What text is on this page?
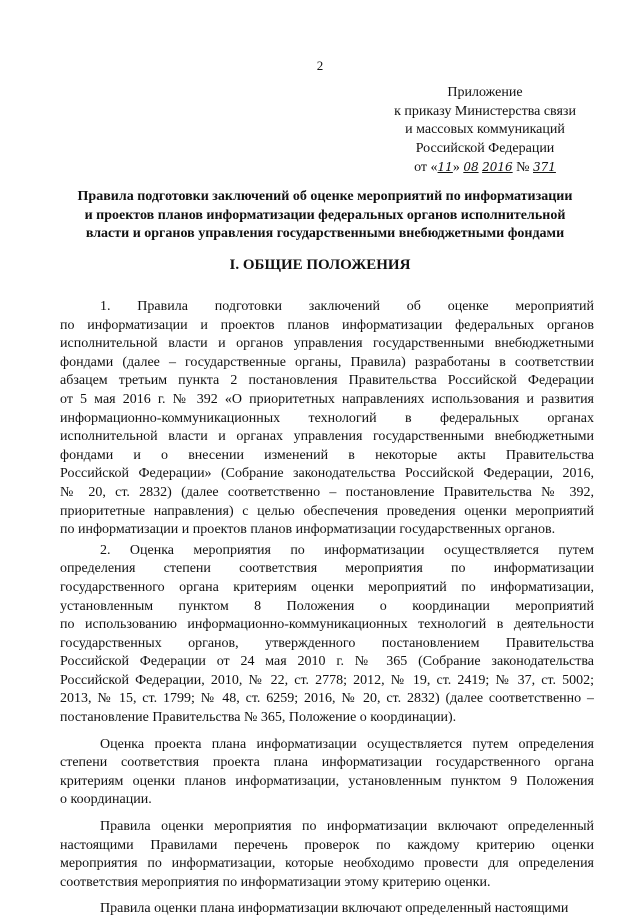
2
Приложение
к приказу Министерства связи
и массовых коммуникаций
Российской Федерации
от «11» 08 2016 № 371
Правила подготовки заключений об оценке мероприятий по информатизации
и проектов планов информатизации федеральных органов исполнительной
власти и органов управления государственными внебюджетными фондами
I. ОБЩИЕ ПОЛОЖЕНИЯ
1. Правила подготовки заключений об оценке мероприятий
по информатизации и проектов планов информатизации федеральных органов
исполнительной власти и органов управления государственными внебюджетными
фондами (далее – государственные органы, Правила) разработаны в соответствии
абзацем третьим пункта 2 постановления Правительства Российской Федерации
от 5 мая 2016 г. № 392 «О приоритетных направлениях использования и развития
информационно-коммуникационных технологий в федеральных органах
исполнительной власти и органах управления государственными внебюджетными
фондами и о внесении изменений в некоторые акты Правительства
Российской Федерации» (Собрание законодательства Российской Федерации, 2016,
№ 20, ст. 2832) (далее соответственно – постановление Правительства № 392,
приоритетные направления) с целью обеспечения проведения оценки мероприятий
по информатизации и проектов планов информатизации государственных органов.
2. Оценка мероприятия по информатизации осуществляется путем
определения степени соответствия мероприятия по информатизации
государственного органа критериям оценки мероприятий по информатизации,
установленным пунктом 8 Положения о координации мероприятий
по использованию информационно-коммуникационных технологий в деятельности
государственных органов, утвержденного постановлением Правительства
Российской Федерации от 24 мая 2010 г. № 365 (Собрание законодательства
Российской Федерации, 2010, № 22, ст. 2778; 2012, № 19, ст. 2419; № 37, ст. 5002;
2013, № 15, ст. 1799; № 48, ст. 6259; 2016, № 20, ст. 2832) (далее соответственно –
постановление Правительства № 365, Положение о координации).
Оценка проекта плана информатизации осуществляется путем определения
степени соответствия проекта плана информатизации государственного органа
критериям оценки планов информатизации, установленным пунктом 9 Положения
о координации.
Правила оценки мероприятия по информатизации включают определенный
настоящими Правилами перечень проверок по каждому критерию оценки
мероприятия по информатизации, которые необходимо провести для определения
соответствия мероприятия по информатизации этому критерию оценки.
Правила оценки плана информатизации включают определенный настоящими
